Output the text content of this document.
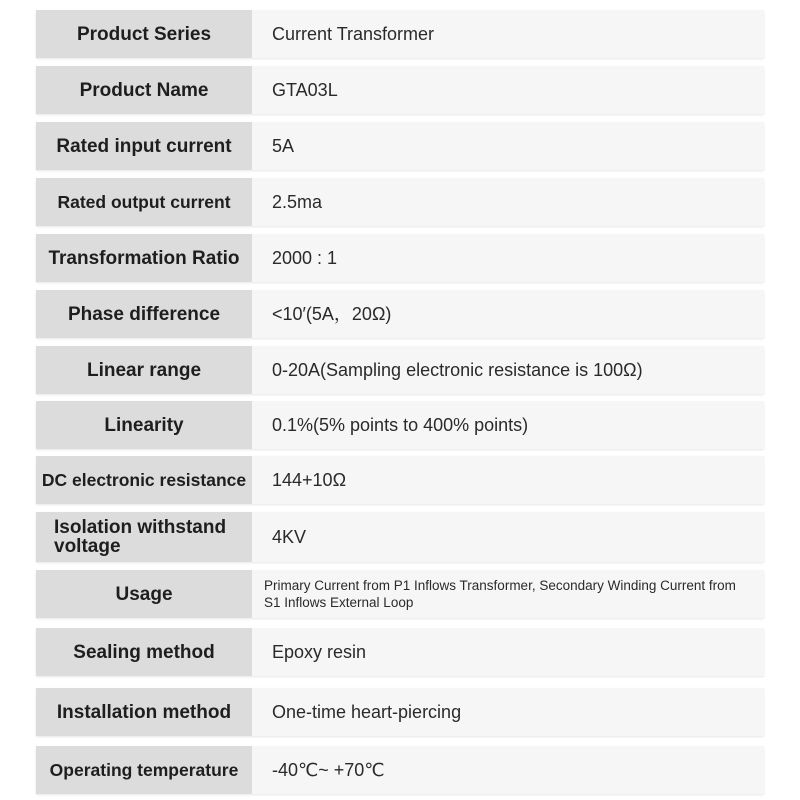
Product Series	Current Transformer
Product Name	GTA03L
Rated input current	5A
Rated output current	2.5ma
Transformation Ratio	2000 : 1
Phase difference	<10′(5A，20Ω)
Linear range	0-20A(Sampling electronic resistance is 100Ω)
Linearity	0.1%(5% points to 400% points)
DC electronic resistance	144+10Ω
Isolation withstand voltage	4KV
Usage	Primary Current from P1 Inflows Transformer, Secondary Winding Current from S1 Inflows External Loop
Sealing method	Epoxy resin
Installation method	One-time heart-piercing
Operating temperature	-40℃~ +70℃
